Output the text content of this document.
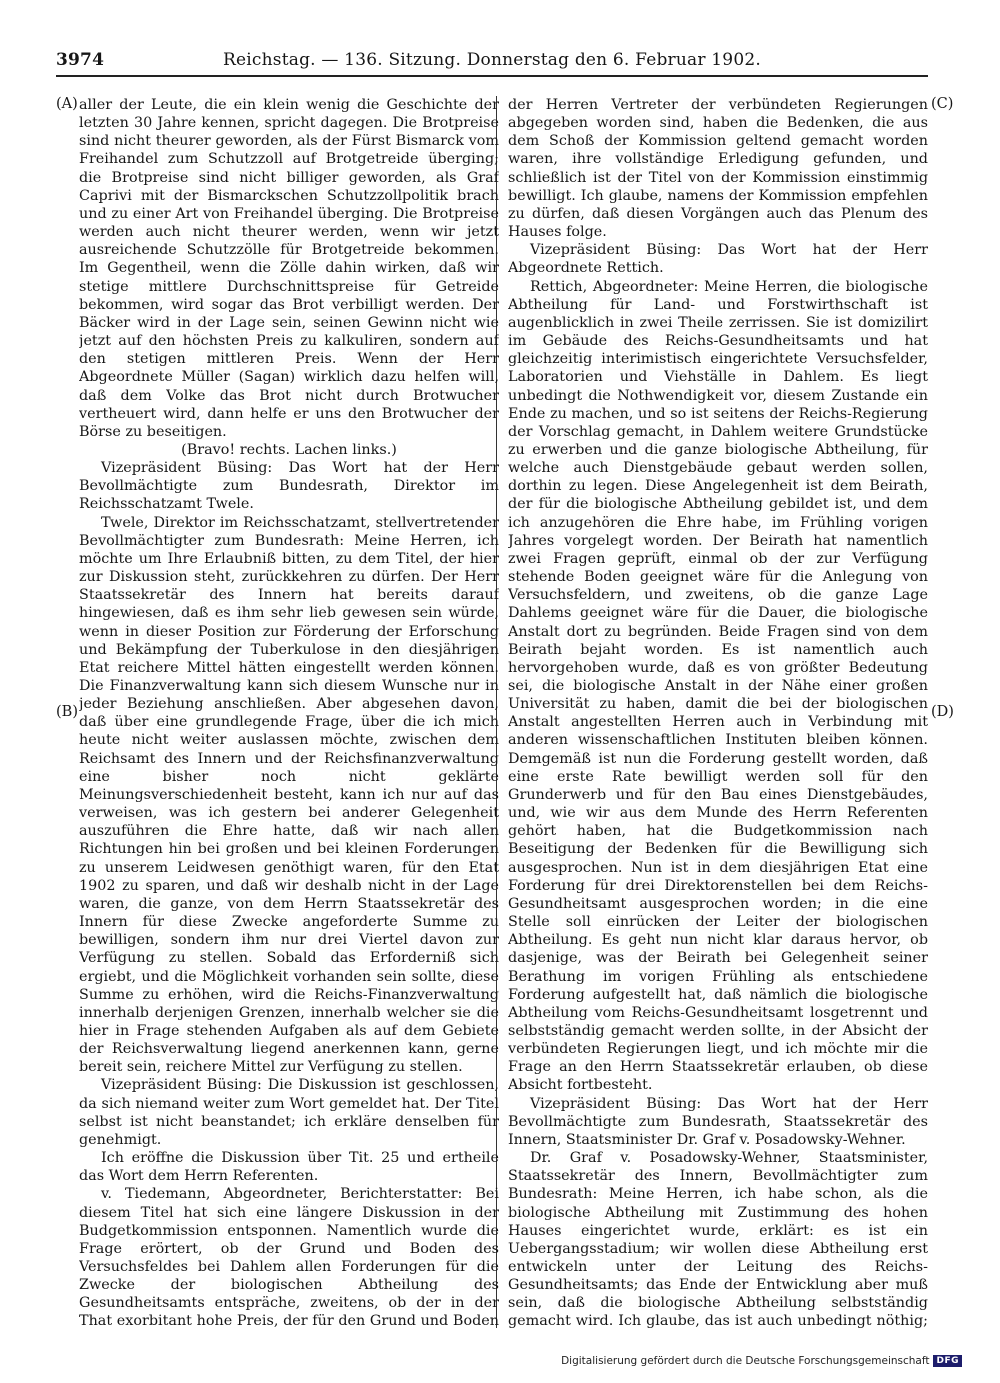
3974	Reichstag. — 136. Sitzung. Donnerstag den 6. Februar 1902.
(A)
(B)
(C)
(D)

aller der Leute, die ein klein wenig die Geschichte der letzten 30 Jahre kennen, spricht dagegen. Die Brotpreise sind nicht theurer geworden, als der Fürst Bismarck vom Freihandel zum Schutzzoll auf Brotgetreide überging; die Brotpreise sind nicht billiger geworden, als Graf Caprivi mit der Bismarckschen Schutzzollpolitik brach und zu einer Art von Freihandel überging. Die Brotpreise werden auch nicht theurer werden, wenn wir jetzt ausreichende Schutzzölle für Brotgetreide bekommen. Im Gegentheil, wenn die Zölle dahin wirken, daß wir stetige mittlere Durchschnittspreise für Getreide bekommen, wird sogar das Brot verbilligt werden. Der Bäcker wird in der Lage sein, seinen Gewinn nicht wie jetzt auf den höchsten Preis zu kalkuliren, sondern auf den stetigen mittleren Preis. Wenn der Herr Abgeordnete Müller (Sagan) wirklich dazu helfen will, daß dem Volke das Brot nicht durch Brotwucher vertheuert wird, dann helfe er uns den Brotwucher der Börse zu beseitigen.

(Bravo! rechts. Lachen links.)

Vizepräsident Büsing: Das Wort hat der Herr Bevollmächtigte zum Bundesrath, Direktor im Reichsschatzamt Twele.

Twele, Direktor im Reichsschatzamt, stellvertretender Bevollmächtigter zum Bundesrath: Meine Herren, ich möchte um Ihre Erlaubniß bitten, zu dem Titel, der hier zur Diskussion steht, zurückkehren zu dürfen. Der Herr Staatssekretär des Innern hat bereits darauf hingewiesen, daß es ihm sehr lieb gewesen sein würde, wenn in dieser Position zur Förderung der Erforschung und Bekämpfung der Tuberkulose in den diesjährigen Etat reichere Mittel hätten eingestellt werden können. Die Finanzverwaltung kann sich diesem Wunsche nur in jeder Beziehung anschließen. Aber abgesehen davon, daß über eine grundlegende Frage, über die ich mich heute nicht weiter auslassen möchte, zwischen dem Reichsamt des Innern und der Reichsfinanzverwaltung eine bisher noch nicht geklärte Meinungsverschiedenheit besteht, kann ich nur auf das verweisen, was ich gestern bei anderer Gelegenheit auszuführen die Ehre hatte, daß wir nach allen Richtungen hin bei großen und bei kleinen Forderungen zu unserem Leidwesen genöthigt waren, für den Etat 1902 zu sparen, und daß wir deshalb nicht in der Lage waren, die ganze, von dem Herrn Staatssekretär des Innern für diese Zwecke angeforderte Summe zu bewilligen, sondern ihm nur drei Viertel davon zur Verfügung zu stellen. Sobald das Erforderniß sich ergiebt, und die Möglichkeit vorhanden sein sollte, diese Summe zu erhöhen, wird die Reichs-Finanzverwaltung innerhalb derjenigen Grenzen, innerhalb welcher sie die hier in Frage stehenden Aufgaben als auf dem Gebiete der Reichsverwaltung liegend anerkennen kann, gerne bereit sein, reichere Mittel zur Verfügung zu stellen.

Vizepräsident Büsing: Die Diskussion ist geschlossen, da sich niemand weiter zum Wort gemeldet hat. Der Titel selbst ist nicht beanstandet; ich erkläre denselben für genehmigt.

Ich eröffne die Diskussion über Tit. 25 und ertheile das Wort dem Herrn Referenten.

v. Tiedemann, Abgeordneter, Berichterstatter: Bei diesem Titel hat sich eine längere Diskussion in der Budgetkommission entsponnen. Namentlich wurde die Frage erörtert, ob der Grund und Boden des Versuchsfeldes bei Dahlem allen Forderungen für die Zwecke der biologischen Abtheilung des Gesundheitsamts entspräche, zweitens, ob der in der That exorbitant hohe Preis, der für den Grund und Boden

der Herren Vertreter der verbündeten Regierungen abgegeben worden sind, haben die Bedenken, die aus dem Schoß der Kommission geltend gemacht worden waren, ihre vollständige Erledigung gefunden, und schließlich ist der Titel von der Kommission einstimmig bewilligt. Ich glaube, namens der Kommission empfehlen zu dürfen, daß diesen Vorgängen auch das Plenum des Hauses folge.

Vizepräsident Büsing: Das Wort hat der Herr Abgeordnete Rettich.

Rettich, Abgeordneter: Meine Herren, die biologische Abtheilung für Land- und Forstwirthschaft ist augenblicklich in zwei Theile zerrissen. Sie ist domizilirt im Gebäude des Reichs-Gesundheitsamts und hat gleichzeitig interimistisch eingerichtete Versuchsfelder, Laboratorien und Viehställe in Dahlem. Es liegt unbedingt die Nothwendigkeit vor, diesem Zustande ein Ende zu machen, und so ist seitens der Reichs-Regierung der Vorschlag gemacht, in Dahlem weitere Grundstücke zu erwerben und die ganze biologische Abtheilung, für welche auch Dienstgebäude gebaut werden sollen, dorthin zu legen. Diese Angelegenheit ist dem Beirath, der für die biologische Abtheilung gebildet ist, und dem ich anzugehören die Ehre habe, im Frühling vorigen Jahres vorgelegt worden. Der Beirath hat namentlich zwei Fragen geprüft, einmal ob der zur Verfügung stehende Boden geeignet wäre für die Anlegung von Versuchsfeldern, und zweitens, ob die ganze Lage Dahlems geeignet wäre für die Dauer, die biologische Anstalt dort zu begründen. Beide Fragen sind von dem Beirath bejaht worden. Es ist namentlich auch hervorgehoben wurde, daß es von größter Bedeutung sei, die biologische Anstalt in der Nähe einer großen Universität zu haben, damit die bei der biologischen Anstalt angestellten Herren auch in Verbindung mit anderen wissenschaftlichen Instituten bleiben können. Demgemäß ist nun die Forderung gestellt worden, daß eine erste Rate bewilligt werden soll für den Grunderwerb und für den Bau eines Dienstgebäudes, und, wie wir aus dem Munde des Herrn Referenten gehört haben, hat die Budgetkommission nach Beseitigung der Bedenken für die Bewilligung sich ausgesprochen. Nun ist in dem diesjährigen Etat eine Forderung für drei Direktorenstellen bei dem Reichs-Gesundheitsamt ausgesprochen worden; in die eine Stelle soll einrücken der Leiter der biologischen Abtheilung. Es geht nun nicht klar daraus hervor, ob dasjenige, was der Beirath bei Gelegenheit seiner Berathung im vorigen Frühling als entschiedene Forderung aufgestellt hat, daß nämlich die biologische Abtheilung vom Reichs-Gesundheitsamt losgetrennt und selbstständig gemacht werden sollte, in der Absicht der verbündeten Regierungen liegt, und ich möchte mir die Frage an den Herrn Staatssekretär erlauben, ob diese Absicht fortbesteht.

Vizepräsident Büsing: Das Wort hat der Herr Bevollmächtigte zum Bundesrath, Staatssekretär des Innern, Staatsminister Dr. Graf v. Posadowsky-Wehner.

Dr. Graf v. Posadowsky-Wehner, Staatsminister, Staatssekretär des Innern, Bevollmächtigter zum Bundesrath: Meine Herren, ich habe schon, als die biologische Abtheilung mit Zustimmung des hohen Hauses eingerichtet wurde, erklärt: es ist ein Uebergangsstadium; wir wollen diese Abtheilung erst entwickeln unter der Leitung des Reichs-Gesundheitsamts; das Ende der Entwicklung aber muß sein, daß die biologische Abtheilung selbstständig gemacht wird. Ich glaube, das ist auch unbedingt nöthig;

Digitalisierung gefördert durch die Deutsche Forschungsgemeinschaft DFG
